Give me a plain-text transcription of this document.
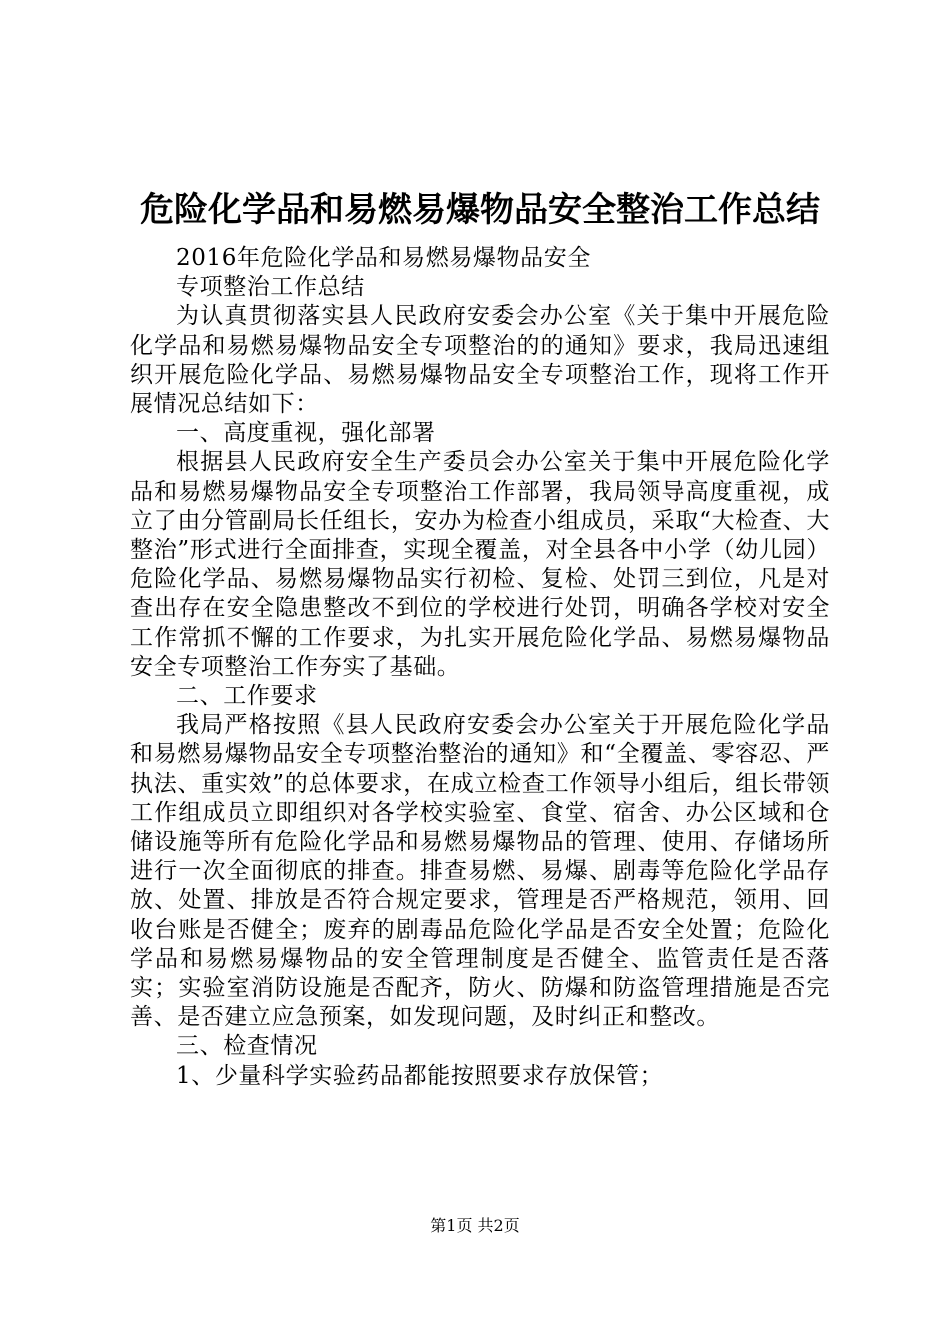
危险化学品和易燃易爆物品安全整治工作总结

2016年危险化学品和易燃易爆物品安全

专项整治工作总结

为认真贯彻落实县人民政府安委会办公室《关于集中开展危险化学品和易燃易爆物品安全专项整治的的通知》要求，我局迅速组织开展危险化学品、易燃易爆物品安全专项整治工作，现将工作开展情况总结如下：

一、高度重视，强化部署

根据县人民政府安全生产委员会办公室关于集中开展危险化学品和易燃易爆物品安全专项整治工作部署，我局领导高度重视，成立了由分管副局长任组长，安办为检查小组成员，采取“大检查、大整治”形式进行全面排查，实现全覆盖，对全县各中小学（幼儿园）危险化学品、易燃易爆物品实行初检、复检、处罚三到位，凡是对查出存在安全隐患整改不到位的学校进行处罚，明确各学校对安全工作常抓不懈的工作要求，为扎实开展危险化学品、易燃易爆物品安全专项整治工作夯实了基础。

二、工作要求

我局严格按照《县人民政府安委会办公室关于开展危险化学品和易燃易爆物品安全专项整治整治的通知》和“全覆盖、零容忍、严执法、重实效”的总体要求，在成立检查工作领导小组后，组长带领工作组成员立即组织对各学校实验室、食堂、宿舍、办公区域和仓储设施等所有危险化学品和易燃易爆物品的管理、使用、存储场所进行一次全面彻底的排查。排查易燃、易爆、剧毒等危险化学品存放、处置、排放是否符合规定要求，管理是否严格规范，领用、回收台账是否健全；废弃的剧毒品危险化学品是否安全处置；危险化学品和易燃易爆物品的安全管理制度是否健全、监管责任是否落实；实验室消防设施是否配齐，防火、防爆和防盗管理措施是否完善、是否建立应急预案，如发现问题，及时纠正和整改。

三、检查情况

1、少量科学实验药品都能按照要求存放保管；

第1页 共2页
